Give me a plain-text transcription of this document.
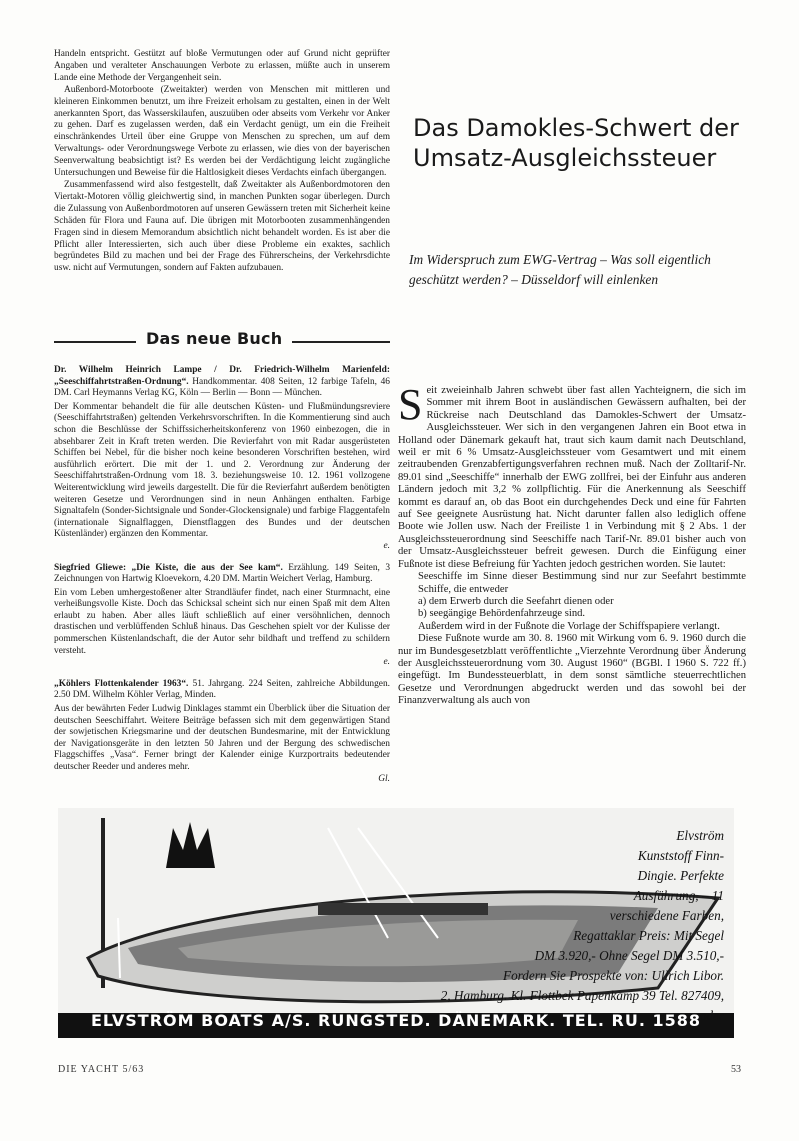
Handeln entspricht. Gestützt auf bloße Vermutungen oder auf Grund nicht geprüfter Angaben und veralteter Anschauungen Verbote zu erlassen, müßte auch in unserem Lande eine Methode der Vergangenheit sein.

Außenbord-Motorboote (Zweitakter) werden von Menschen mit mittleren und kleineren Einkommen benutzt, um ihre Freizeit erholsam zu gestalten, einen in der Welt anerkannten Sport, das Wasserskilaufen, auszuüben oder abseits vom Verkehr vor Anker zu gehen. Darf es zugelassen werden, daß ein Verdacht genügt, um ein die Freiheit einschränkendes Urteil über eine Gruppe von Menschen zu sprechen, um auf dem Verwaltungs- oder Verordnungswege Verbote zu erlassen, wie dies von der bayerischen Seenverwaltung beabsichtigt ist? Es werden bei der Verdächtigung leicht zugängliche Untersuchungen und Beweise für die Haltlosigkeit dieses Verdachts einfach übergangen.

Zusammenfassend wird also festgestellt, daß Zweitakter als Außenbordmotoren den Viertakt-Motoren völlig gleichwertig sind, in manchen Punkten sogar überlegen. Durch die Zulassung von Außenbordmotoren auf unseren Gewässern treten mit Sicherheit keine Schäden für Flora und Fauna auf. Die übrigen mit Motorbooten zusammenhängenden Fragen sind in diesem Memorandum absichtlich nicht behandelt worden. Es ist aber die Pflicht aller Interessierten, sich auch über diese Probleme ein exaktes, sachlich begründetes Bild zu machen und bei der Frage des Führerscheins, der Verkehrsdichte usw. nicht auf Vermutungen, sondern auf Fakten aufzubauen.

Das neue Buch

Dr. Wilhelm Heinrich Lampe / Dr. Friedrich-Wilhelm Marienfeld: „Seeschiffahrtstraßen-Ordnung“. Handkommentar. 408 Seiten, 12 farbige Tafeln, 46 DM. Carl Heymanns Verlag KG, Köln — Berlin — Bonn — München.

Der Kommentar behandelt die für alle deutschen Küsten- und Flußmündungsreviere (Seeschiffahrtstraßen) geltenden Verkehrsvorschriften. In die Kommentierung sind auch schon die Beschlüsse der Schiffssicherheitskonferenz von 1960 einbezogen, die in absehbarer Zeit in Kraft treten werden. Die Revierfahrt von mit Radar ausgerüsteten Schiffen bei Nebel, für die bisher noch keine besonderen Vorschriften bestehen, wird ausführlich erörtert. Die mit der 1. und 2. Verordnung zur Änderung der Seeschiffahrtstraßen-Ordnung vom 18. 3. beziehungsweise 10. 12. 1961 vollzogene Weiterentwicklung wird jeweils dargestellt. Die für die Revierfahrt außerdem benötigten weiteren Gesetze und Verordnungen sind in neun Anhängen enthalten. Farbige Signaltafeln (Sonder-Sichtsignale und Sonder-Glockensignale) und farbige Flaggentafeln (internationale Signalflaggen, Dienstflaggen des Bundes und der deutschen Küstenländer) ergänzen den Kommentar.

e.

Siegfried Gliewe: „Die Kiste, die aus der See kam“. Erzählung. 149 Seiten, 3 Zeichnungen von Hartwig Kloevekorn, 4.20 DM. Martin Weichert Verlag, Hamburg.

Ein vom Leben umhergestoßener alter Strandläufer findet, nach einer Sturmnacht, eine verheißungsvolle Kiste. Doch das Schicksal scheint sich nur einen Spaß mit dem Alten erlaubt zu haben. Aber alles läuft schließlich auf einer versöhnlichen, dennoch drastischen und verblüffenden Schluß hinaus. Das Geschehen spielt vor der Kulisse der pommerschen Küstenlandschaft, die der Autor sehr bildhaft und treffend zu schildern versteht.

e.

„Köhlers Flottenkalender 1963“. 51. Jahrgang. 224 Seiten, zahlreiche Abbildungen. 2.50 DM. Wilhelm Köhler Verlag, Minden.

Aus der bewährten Feder Ludwig Dinklages stammt ein Überblick über die Situation der deutschen Seeschiffahrt. Weitere Beiträge befassen sich mit dem gegenwärtigen Stand der sowjetischen Kriegsmarine und der deutschen Bundesmarine, mit der Entwicklung der Navigationsgeräte in den letzten 50 Jahren und der Bergung des schwedischen Flaggschiffes „Vasa“. Ferner bringt der Kalender einige Kurzportraits bedeutender deutscher Reeder und anderes mehr.

Gl.

Das Damokles-Schwert der Umsatz-Ausgleichssteuer
Im Widerspruch zum EWG-Vertrag – Was soll eigentlich geschützt werden? – Düsseldorf will einlenken

Seit zweieinhalb Jahren schwebt über fast allen Yachteignern, die sich im Sommer mit ihrem Boot in ausländischen Gewässern aufhalten, bei der Rückreise nach Deutschland das Damokles-Schwert der Umsatz-Ausgleichssteuer. Wer sich in den vergangenen Jahren ein Boot etwa in Holland oder Dänemark gekauft hat, traut sich kaum damit nach Deutschland, weil er mit 6 % Umsatz-Ausgleichssteuer vom Gesamtwert und mit einem zeitraubenden Grenzabfertigungsverfahren rechnen muß. Nach der Zolltarif-Nr. 89.01 sind „Seeschiffe“ innerhalb der EWG zollfrei, bei der Einfuhr aus anderen Ländern jedoch mit 3,2 % zollpflichtig. Für die Anerkennung als Seeschiff kommt es darauf an, ob das Boot ein durchgehendes Deck und eine für Fahrten auf See geeignete Ausrüstung hat. Nicht darunter fallen also lediglich offene Boote wie Jollen usw. Nach der Freiliste 1 in Verbindung mit § 2 Abs. 1 der Ausgleichssteuerordnung sind Seeschiffe nach Tarif-Nr. 89.01 bisher auch von der Umsatz-Ausgleichssteuer befreit gewesen. Durch die Einfügung einer Fußnote ist diese Befreiung für Yachten jedoch gestrichen worden. Sie lautet:

Seeschiffe im Sinne dieser Bestimmung sind nur zur Seefahrt bestimmte Schiffe, die entweder

a) dem Erwerb durch die Seefahrt dienen oder

b) seegängige Behördenfahrzeuge sind.

Außerdem wird in der Fußnote die Vorlage der Schiffspapiere verlangt.

Diese Fußnote wurde am 30. 8. 1960 mit Wirkung vom 6. 9. 1960 durch die nur im Bundesgesetzblatt veröffentlichte „Vierzehnte Verordnung über Änderung der Ausgleichssteuerordnung vom 30. August 1960“ (BGBl. I 1960 S. 722 ff.) eingefügt. Im Bundessteuerblatt, in dem sonst sämtliche steuerrechtlichen Gesetze und Verordnungen abgedruckt werden und das sowohl bei der Finanzverwaltung als auch von

Elvström
Kunststoff Finn-
Dingie. Perfekte
Ausführung, – 11
verschiedene Farben,
Regattaklar Preis: Mit Segel
DM 3.920,- Ohne Segel DM 3.510,-
Fordern Sie Prospekte von: Ullrich Libor.
2, Hamburg. Kl. Flottbek Papenkamp 39 Tel. 827409, oder
ELVSTRÖM BOATS A/S. RUNGSTED. DÄNEMARK. TEL. RU. 1588
DIE YACHT 5/63	53
